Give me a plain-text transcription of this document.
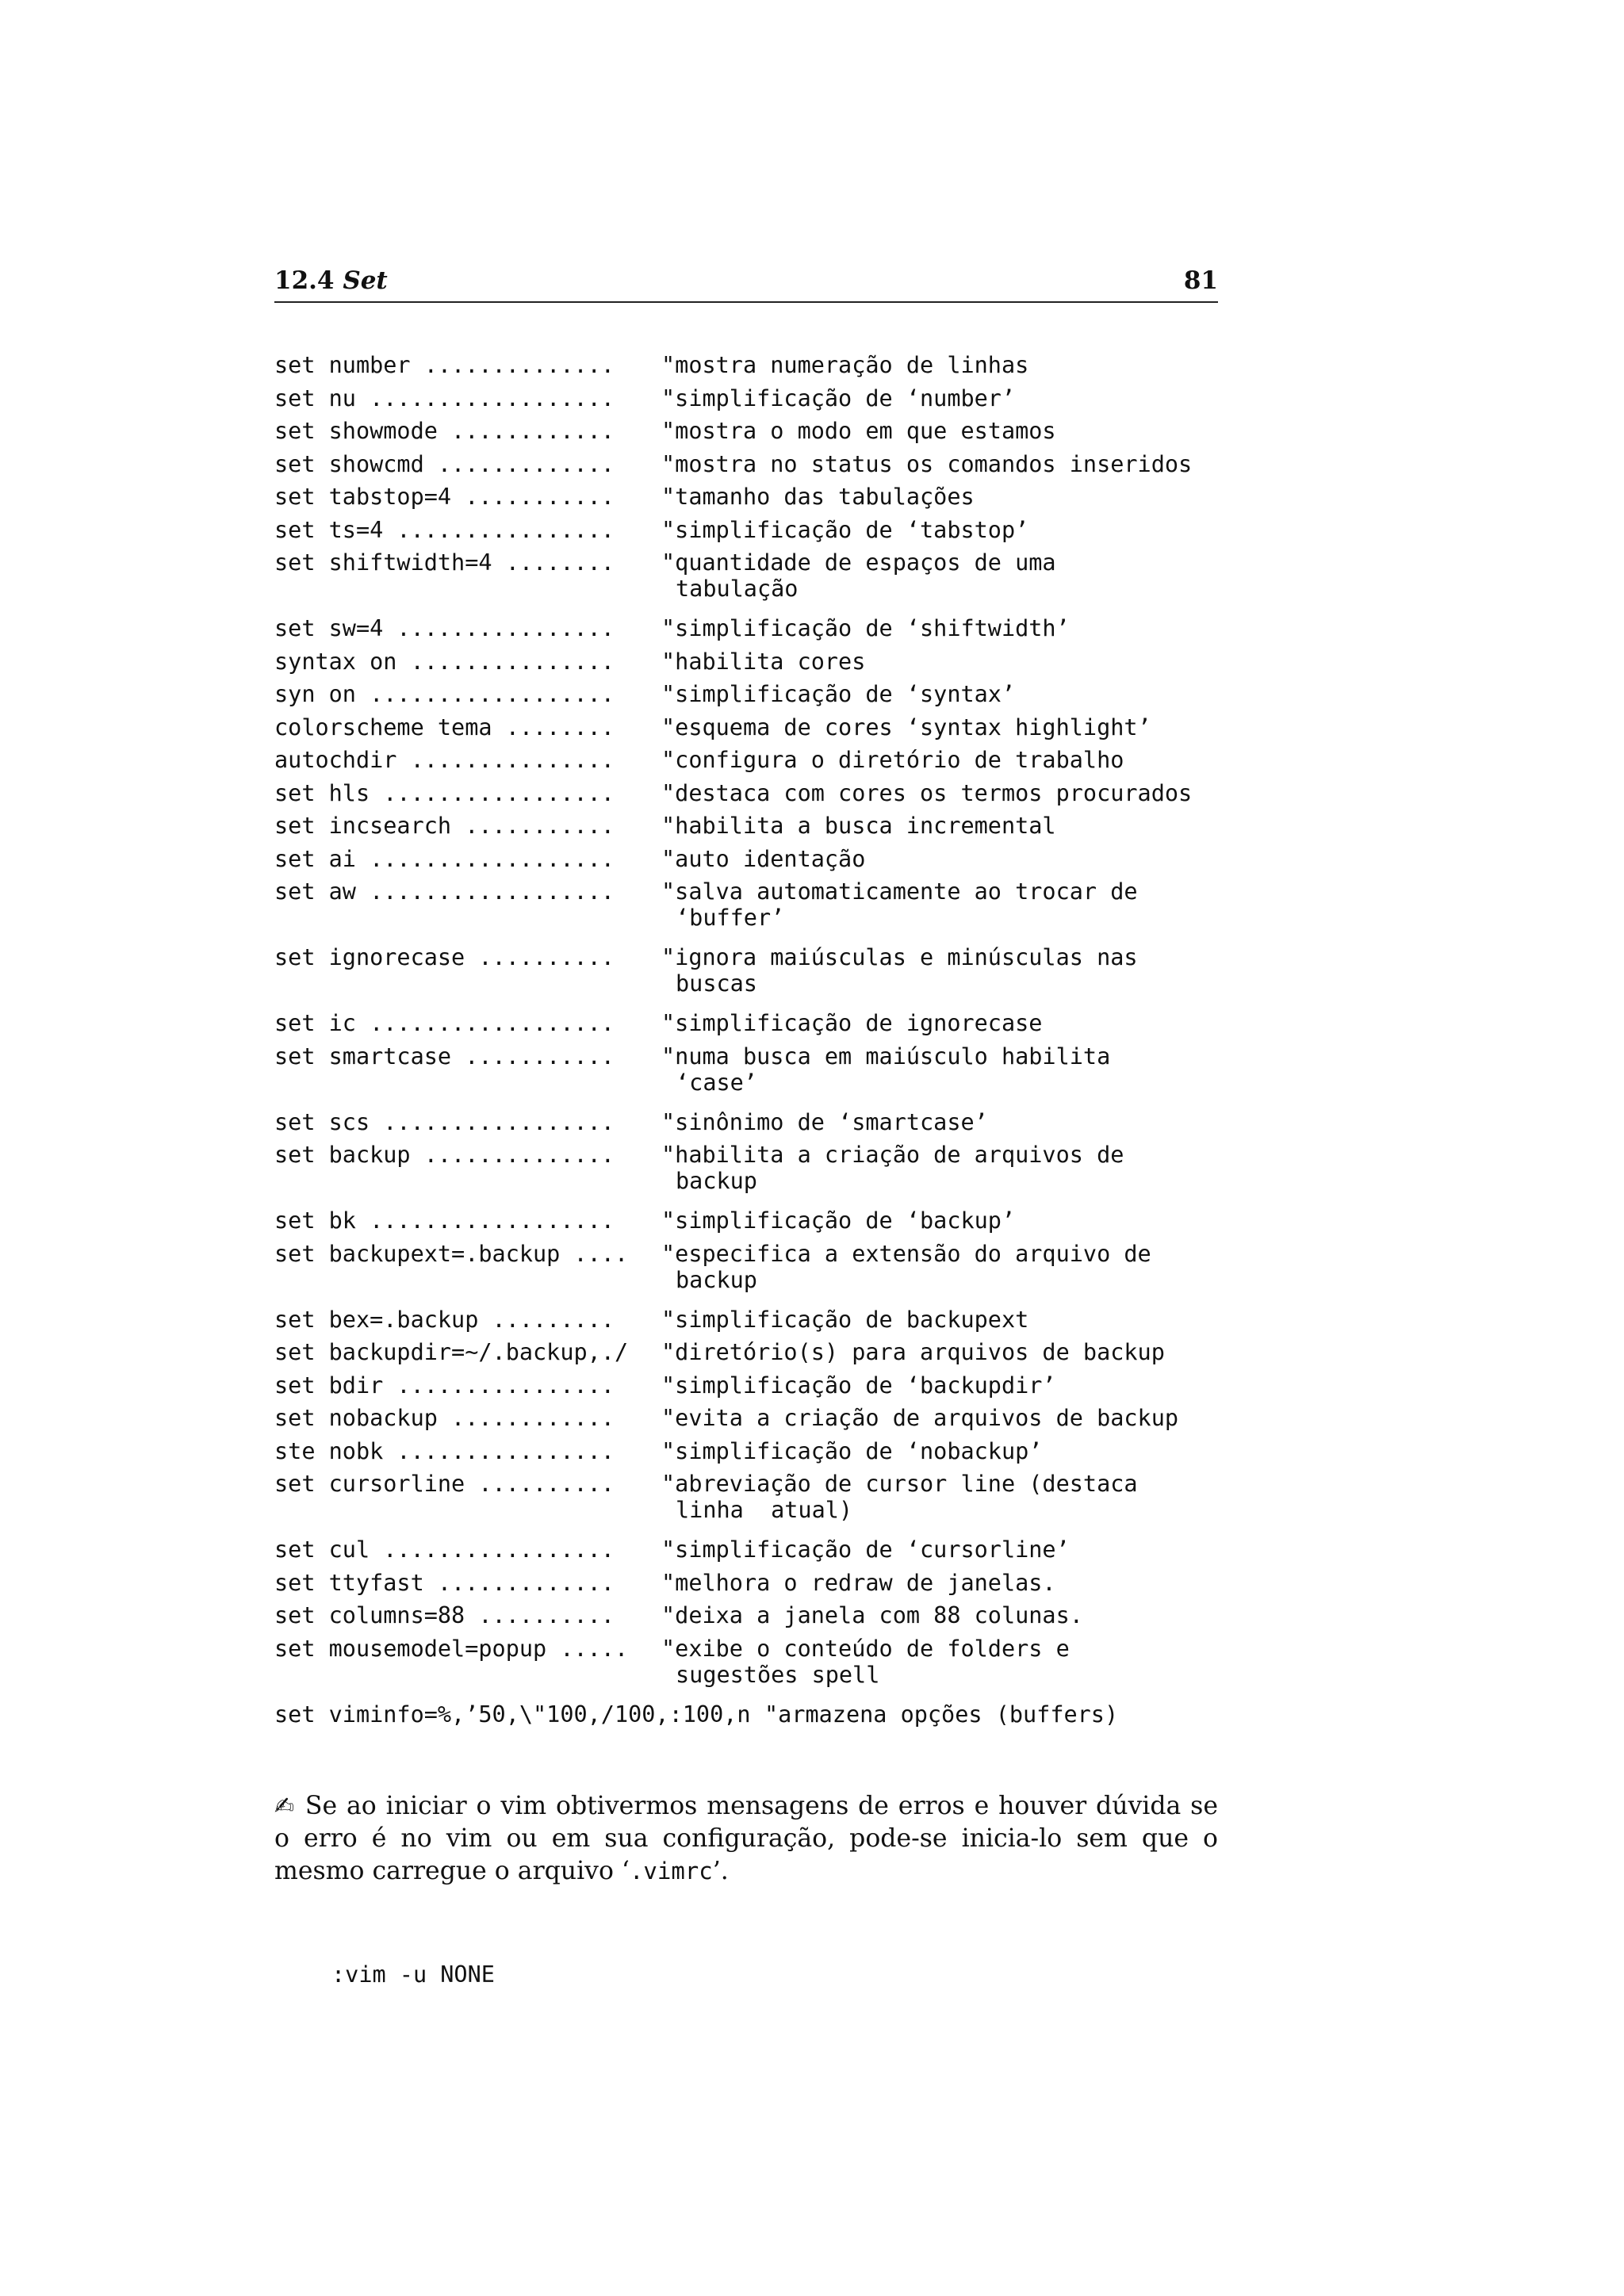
12.4 Set	81
set number .............. "mostra numeração de linhas
set nu .................. "simplificação de ‘number’
set showmode ............ "mostra o modo em que estamos
set showcmd ............. "mostra no status os comandos inseridos
set tabstop=4 ........... "tamanho das tabulações
set ts=4 ................ "simplificação de ‘tabstop’
set shiftwidth=4 ........ "quantidade de espaços de uma
tabulação
set sw=4 ................ "simplificação de ‘shiftwidth’
syntax on ............... "habilita cores
syn on .................. "simplificação de ‘syntax’
colorscheme tema ........ "esquema de cores ‘syntax highlight’
autochdir ............... "configura o diretório de trabalho
set hls ................. "destaca com cores os termos procurados
set incsearch ........... "habilita a busca incremental
set ai .................. "auto identação
set aw .................. "salva automaticamente ao trocar de
‘buffer’
set ignorecase .......... "ignora maiúsculas e minúsculas nas
buscas
set ic .................. "simplificação de ignorecase
set smartcase ........... "numa busca em maiúsculo habilita
‘case’
set scs ................. "sinônimo de ‘smartcase’
set backup .............. "habilita a criação de arquivos de
backup
set bk .................. "simplificação de ‘backup’
set backupext=.backup .... "especifica a extensão do arquivo de
backup
set bex=.backup ......... "simplificação de backupext
set backupdir=~/.backup,./ "diretório(s) para arquivos de backup
set bdir ................ "simplificação de ‘backupdir’
set nobackup ............ "evita a criação de arquivos de backup
ste nobk ................ "simplificação de ‘nobackup’
set cursorline .......... "abreviação de cursor line (destaca
linha  atual)
set cul ................. "simplificação de ‘cursorline’
set ttyfast ............. "melhora o redraw de janelas.
set columns=88 .......... "deixa a janela com 88 colunas.
set mousemodel=popup ..... "exibe o conteúdo de folders e
sugestões spell
set viminfo=%,’50,\"100,/100,:100,n "armazena opções (buffers)
✍ Se ao iniciar o vim obtivermos mensagens de erros e houver dúvida se o erro é no vim ou em sua configuração, pode-se inicia-lo sem que o mesmo carregue o arquivo ‘.vimrc’.
:vim -u NONE
